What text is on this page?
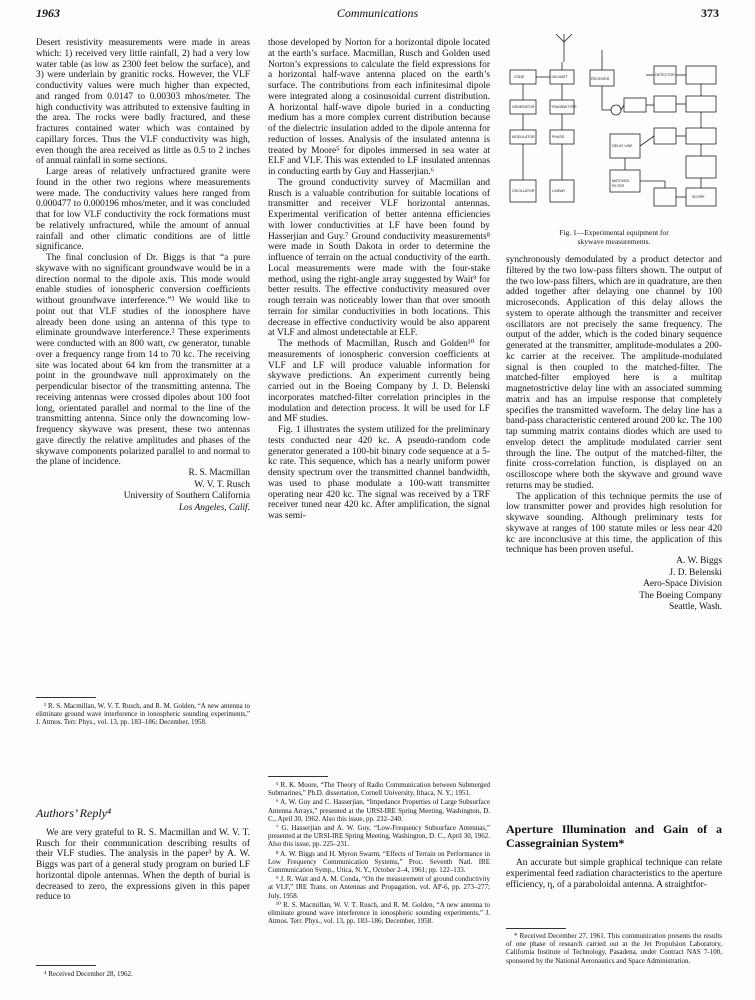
1963	Communications	373

Desert resistivity measurements were made in areas which: 1) received very little rainfall, 2) had a very low water table (as low as 2300 feet below the surface), and 3) were underlain by granitic rocks. However, the VLF conductivity values were much higher than expected, and ranged from 0.0147 to 0.00303 mhos/meter. The high conductivity was attributed to extensive faulting in the area. The rocks were badly fractured, and these fractures contained water which was contained by capillary forces. Thus the VLF conductivity was high, even though the area received as little as 0.5 to 2 inches of annual rainfall in some sections.

Large areas of relatively unfractured granite were found in the other two regions where measurements were made. The conductivity values here ranged from 0.000477 to 0.000196 mhos/meter, and it was concluded that for low VLF conductivity the rock formations must be relatively unfractured, while the amount of annual rainfall and other climatic conditions are of little significance.

The final conclusion of Dr. Biggs is that “a pure skywave with no significant groundwave would be in a direction normal to the dipole axis. This mode would enable studies of ionospheric conversion coefficients without groundwave interference.”³ We would like to point out that VLF studies of the ionosphere have already been done using an antenna of this type to eliminate groundwave interference.² These experiments were conducted with an 800 watt, cw generator, tunable over a frequency range from 14 to 70 kc. The receiving site was located about 64 km from the transmitter at a point in the groundwave null approximately on the perpendicular bisector of the transmitting antenna. The receiving antennas were crossed dipoles about 100 foot long, orientated parallel and normal to the line of the transmitting antenna. Since only the downcoming low-frequency skywave was present, these two antennas gave directly the relative amplitudes and phases of the skywave components polarized parallel to and normal to the plane of incidence.

R. S. Macmillan
W. V. T. Rusch
University of Southern California
Los Angeles, Calif.

² R. S. Macmillan, W. V. T. Rusch, and R. M. Golden, “A new antenna to eliminate ground wave interference in ionospheric sounding experiments,” J. Atmos. Terr. Phys., vol. 13, pp. 183–186; December, 1958.

Authors’ Reply⁴

We are very grateful to R. S. Macmillan and W. V. T. Rusch for their communication describing results of their VLF studies. The analysis in the paper³ by A. W. Biggs was part of a general study program on buried LF horizontal dipole antennas. When the depth of burial is decreased to zero, the expressions given in this paper reduce to

⁴ Received December 28, 1962.

those developed by Norton for a horizontal dipole located at the earth’s surface. Macmillan, Rusch and Golden used Norton’s expressions to calculate the field expressions for a horizontal half-wave antenna placed on the earth’s surface. The contributions from each infinitesimal dipole were integrated along a cosinusoidal current distribution. A horizontal half-wave dipole buried in a conducting medium has a more complex current distribution because of the dielectric insulation added to the dipole antenna for reduction of losses. Analysis of the insulated antenna is treated by Moore⁵ for dipoles immersed in sea water at ELF and VLF. This was extended to LF insulated antennas in conducting earth by Guy and Hasserjian.⁶

The ground conductivity survey of Macmillan and Rusch is a valuable contribution for suitable locations of transmitter and receiver VLF horizontal antennas. Experimental verification of better antenna efficiencies with lower conductivities at LF have been found by Hasserjian and Guy.⁷ Ground conductivity measurements⁸ were made in South Dakota in order to determine the influence of terrain on the actual conductivity of the earth. Local measurements were made with the four-stake method, using the right-angle array suggested by Wait⁹ for better results. The effective conductivity measured over rough terrain was noticeably lower than that over smooth terrain for similar conductivities in both locations. This decrease in effective conductivity would be also apparent at VLF and almost undetectable at ELF.

The methods of Macmillan, Rusch and Golden¹⁰ for measurements of ionospheric conversion coefficients at VLF and LF will produce valuable information for skywave predictions. An experiment currently being carried out in the Boeing Company by J. D. Belenski incorporates matched-filter correlation principles in the modulation and detection process. It will be used for LF and MF studies.

Fig. 1 illustrates the system utilized for the preliminary tests conducted near 420 kc. A pseudo-random code generator generated a 100-bit binary code sequence at a 5-kc rate. This sequence, which has a nearly uniform power density spectrum over the transmitted channel bandwidth, was used to phase modulate a 100-watt transmitter operating near 420 kc. The signal was received by a TRF receiver tuned near 420 kc. After amplification, the signal was semi-

⁵ R. K. Moore, “The Theory of Radio Communication between Submerged Submarines,” Ph.D. dissertation, Cornell University, Ithaca, N. Y.; 1951.

⁶ A. W. Guy and C. Hasserjian, “Impedance Properties of Large Subsurface Antenna Arrays,” presented at the URSI-IRE Spring Meeting, Washington, D. C., April 30, 1962. Also this issue, pp. 232–240.

⁷ G. Hasserjian and A. W. Guy, “Low-Frequency Subsurface Antennas,” presented at the URSI-IRE Spring Meeting, Washington, D. C., April 30, 1962. Also this issue, pp. 225–231.

⁸ A. W. Biggs and H. Myron Swarm, “Effects of Terrain on Performance in Low Frequency Communication Systems,” Proc. Seventh Natl. IRE Communication Symp., Utica, N. Y., October 2–4, 1961; pp. 122–133.

⁹ J. R. Wait and A. M. Conda, “On the measurement of ground conductivity at VLF,” IRE Trans. on Antennas and Propagation, vol. AP-6, pp. 273–277; July, 1958.

¹⁰ R. S. Macmillan, W. V. T. Rusch, and R. M. Golden, “A new antenna to eliminate ground wave interference in ionospheric sounding experiments,” J. Atmos. Terr. Phys., vol. 13, pp. 183–186; December, 1958.

CODE
GENERATOR
MODULATOR
OSCILLATOR
100-WATT
TRANSMITTER
PHASE
LINEAR
RECEIVER
DETECTOR
DELAY LINE
MATCHED
FILTER
SCOPE
Fig. 1—Experimental equipment for
skywave measurements.

synchronously demodulated by a product detector and filtered by the two low-pass filters shown. The output of the two low-pass filters, which are in quadrature, are then added together after delaying one channel by 100 microseconds. Application of this delay allows the system to operate although the transmitter and receiver oscillators are not precisely the same frequency. The output of the adder, which is the coded binary sequence generated at the transmitter, amplitude-modulates a 200-kc carrier at the receiver. The amplitude-modulated signal is then coupled to the matched-filter. The matched-filter employed here is a multitap magnetostrictive delay line with an associated summing matrix and has an impulse response that completely specifies the transmitted waveform. The delay line has a band-pass characteristic centered around 200 kc. The 100 tap summing matrix contains diodes which are used to envelop detect the amplitude modulated carrier sent through the line. The output of the matched-filter, the finite cross-correlation function, is displayed on an oscilloscope where both the skywave and ground wave returns may be studied.

The application of this technique permits the use of low transmitter power and provides high resolution for skywave sounding. Although preliminary tests for skywave at ranges of 100 statute miles or less near 420 kc are inconclusive at this time, the application of this technique has been proven useful.

A. W. Biggs
J. D. Belenski
Aero-Space Division
The Boeing Company
Seattle, Wash.
Aperture Illumination and Gain of a Cassegrainian System*

An accurate but simple graphical technique can relate experimental feed radiation characteristics to the aperture efficiency, η, of a paraboloidal antenna. A straightfor-

* Received December 27, 1961. This communication presents the results of one phase of research carried out at the Jet Propulsion Laboratory, California Institute of Technology, Pasadena, under Contract NAS 7-100, sponsored by the National Aeronautics and Space Administration.
